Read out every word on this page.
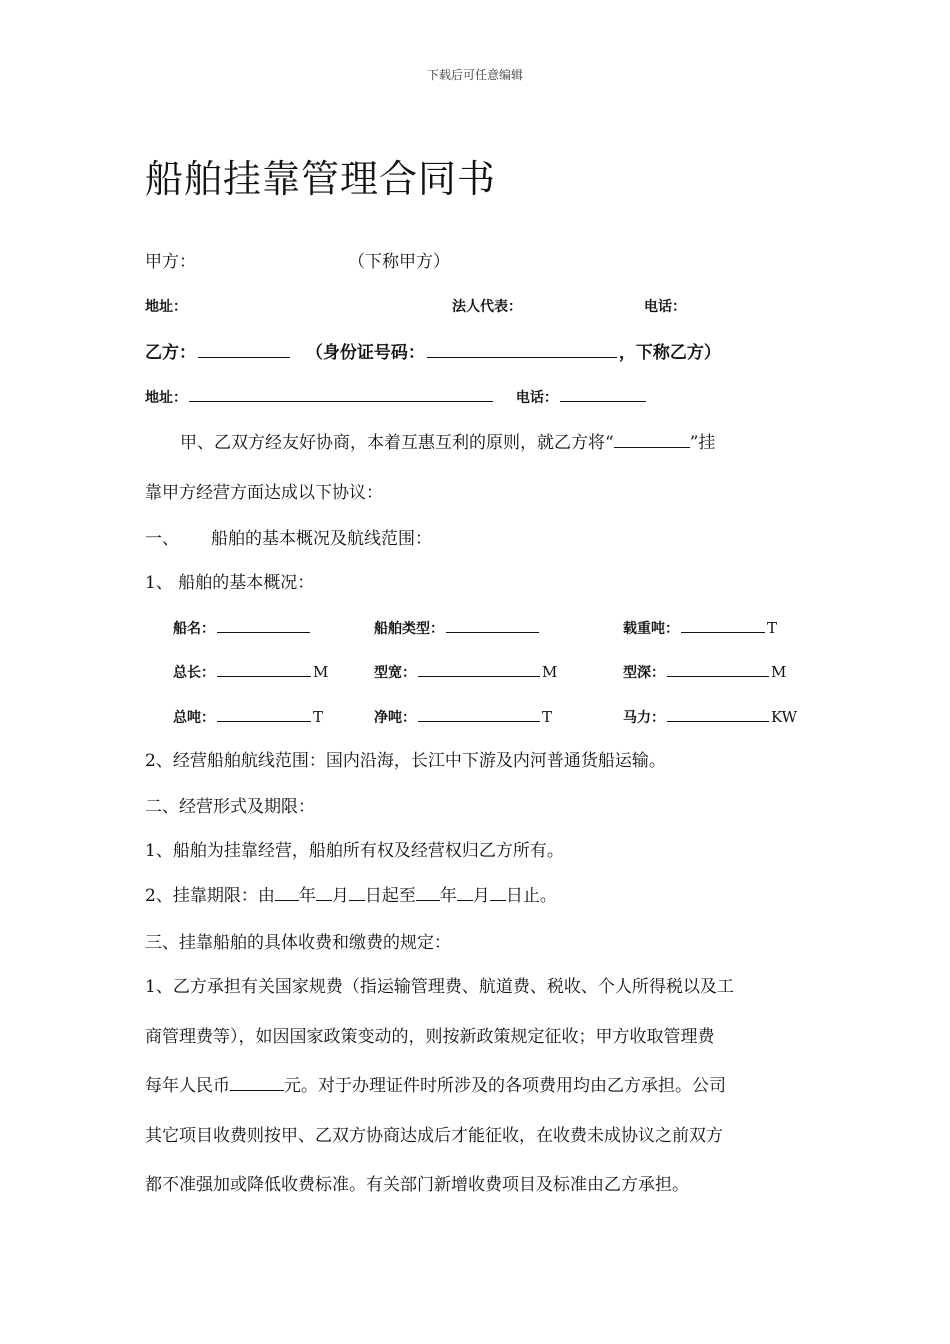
下载后可任意编辑
船舶挂靠管理合同书
甲方：	（下称甲方）
地址：	法人代表：	电话：
乙方：	（身份证号码：	，下称乙方）
地址：	电话：
甲、乙双方经友好协商，本着互惠互利的原则，就乙方将“	”挂
靠甲方经营方面达成以下协议：
一、 船舶的基本概况及航线范围：
1、 船舶的基本概况：
船名：	船舶类型：	载重吨：	T
总长：	M	型宽：	M	型深：	M
总吨：	T	净吨：	T	马力：	KW
2、经营船舶航线范围：国内沿海，长江中下游及内河普通货船运输。
二、经营形式及期限：
1、船舶为挂靠经营，船舶所有权及经营权归乙方所有。
2、挂靠期限：由 年 月 日起至 年 月 日止。
三、挂靠船舶的具体收费和缴费的规定：
1、乙方承担有关国家规费（指运输管理费、航道费、税收、个人所得税以及工
商管理费等），如因国家政策变动的，则按新政策规定征收；甲方收取管理费
每年人民币	元。对于办理证件时所涉及的各项费用均由乙方承担。公司
其它项目收费则按甲、乙双方协商达成后才能征收，在收费未成协议之前双方
都不准强加或降低收费标准。有关部门新增收费项目及标准由乙方承担。
